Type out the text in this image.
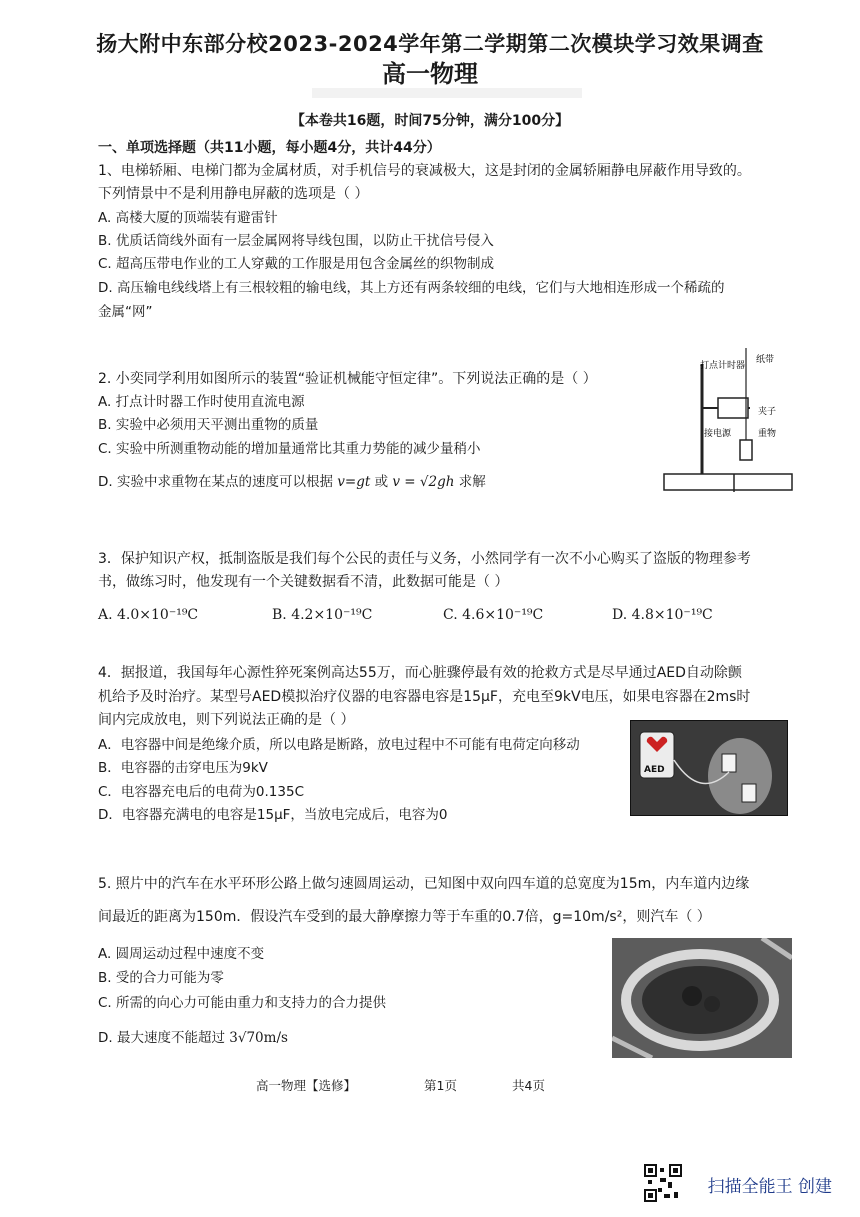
扬大附中东部分校2023-2024学年第二学期第二次模块学习效果调查
高一物理
【本卷共16题，时间75分钟，满分100分】
一、单项选择题（共11小题，每小题4分，共计44分）
1、电梯轿厢、电梯门都为金属材质，对手机信号的衰减极大，这是封闭的金属轿厢静电屏蔽作用导致的。
下列情景中不是利用静电屏蔽的选项是（ ）
A. 高楼大厦的顶端装有避雷针
B. 优质话筒线外面有一层金属网将导线包围，以防止干扰信号侵入
C. 超高压带电作业的工人穿戴的工作服是用包含金属丝的织物制成
D. 高压输电线线塔上有三根较粗的输电线，其上方还有两条较细的电线，它们与大地相连形成一个稀疏的
金属“网”
2. 小奕同学利用如图所示的装置“验证机械能守恒定律”。下列说法正确的是（ ）
A. 打点计时器工作时使用直流电源
B. 实验中必须用天平测出重物的质量
C. 实验中所测重物动能的增加量通常比其重力势能的减少量稍小
D. 实验中求重物在某点的速度可以根据 v=gt 或 v = √2gh 求解
打点计时器
纸带
夹子
接电源	重物
3．保护知识产权，抵制盗版是我们每个公民的责任与义务，小然同学有一次不小心购买了盗版的物理参考
书，做练习时，他发现有一个关键数据看不清，此数据可能是（ ）
A. 4.0×10⁻¹⁹C	B. 4.2×10⁻¹⁹C	C. 4.6×10⁻¹⁹C	D. 4.8×10⁻¹⁹C
4．据报道，我国每年心源性猝死案例高达55万，而心脏骤停最有效的抢救方式是尽早通过AED自动除颤
机给予及时治疗。某型号AED模拟治疗仪器的电容器电容是15μF，充电至9kV电压，如果电容器在2ms时
间内完成放电，则下列说法正确的是（ ）
A．电容器中间是绝缘介质，所以电路是断路，放电过程中不可能有电荷定向移动
B．电容器的击穿电压为9kV
C．电容器充电后的电荷为0.135C
D．电容器充满电的电容是15μF，当放电完成后，电容为0
AED
5. 照片中的汽车在水平环形公路上做匀速圆周运动，已知图中双向四车道的总宽度为15m，内车道内边缘
间最近的距离为150m．假设汽车受到的最大静摩擦力等于车重的0.7倍，g=10m/s²，则汽车（ ）
A. 圆周运动过程中速度不变
B. 受的合力可能为零
C. 所需的向心力可能由重力和支持力的合力提供
D. 最大速度不能超过 3√70m/s
高一物理【选修】	第1页	共4页
扫描全能王 创建
